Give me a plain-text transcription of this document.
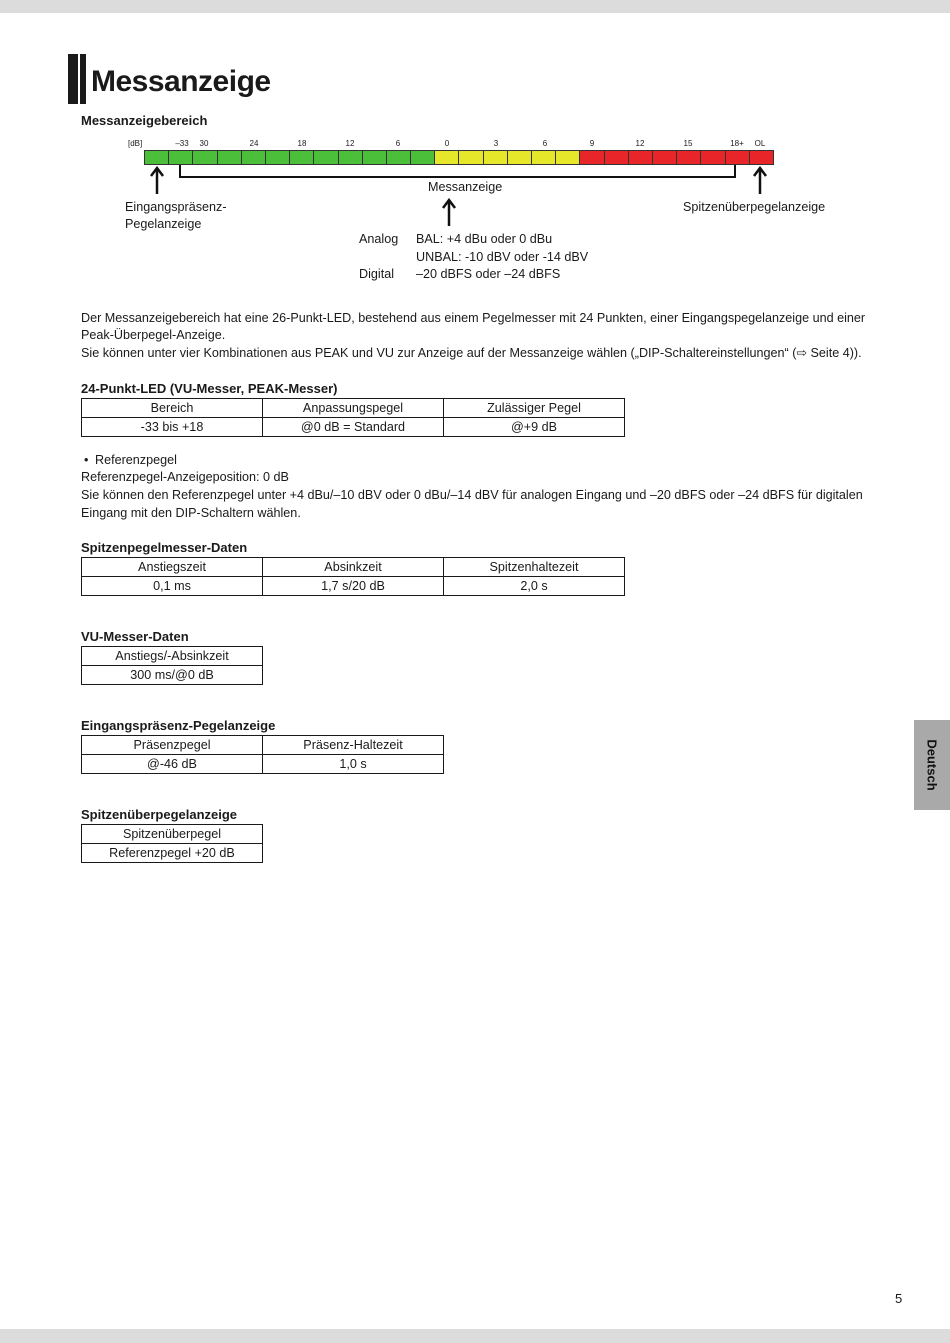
Messanzeige
Messanzeigebereich
[dB]	–33 30	24	18	12	6	0	3	6	9	12	15	18+ OL
Messanzeige
Eingangspräsenz-
Pegelanzeige
Spitzenüberpegelanzeige
Analog BAL: +4 dBu oder 0 dBu
UNBAL: -10 dBV oder -14 dBV
Digital –20 dBFS oder –24 dBFS
Der Messanzeigebereich hat eine 26-Punkt-LED, bestehend aus einem Pegelmesser mit 24 Punkten, einer Eingangspegelanzeige und einer
Peak-Überpegel-Anzeige.
Sie können unter vier Kombinationen aus PEAK und VU zur Anzeige auf der Messanzeige wählen („DIP-Schaltereinstellungen“ (⇨ Seite 4)).
24-Punkt-LED (VU-Messer, PEAK-Messer)
Bereich	Anpassungspegel	Zulässiger Pegel
-33 bis +18	@0 dB = Standard	@+9 dB
• Referenzpegel
Referenzpegel-Anzeigeposition: 0 dB
Sie können den Referenzpegel unter +4 dBu/–10 dBV oder 0 dBu/–14 dBV für analogen Eingang und –20 dBFS oder –24 dBFS für digitalen
Eingang mit den DIP-Schaltern wählen.
Spitzenpegelmesser-Daten
Anstiegszeit	Absinkzeit	Spitzenhaltezeit
0,1 ms	1,7 s/20 dB	2,0 s
VU-Messer-Daten
Anstiegs/-Absinkzeit
300 ms/@0 dB
Eingangspräsenz-Pegelanzeige
Präsenzpegel	Präsenz-Haltezeit
@-46 dB	1,0 s
Spitzenüberpegelanzeige
Spitzenüberpegel
Referenzpegel +20 dB
Deutsch
5
